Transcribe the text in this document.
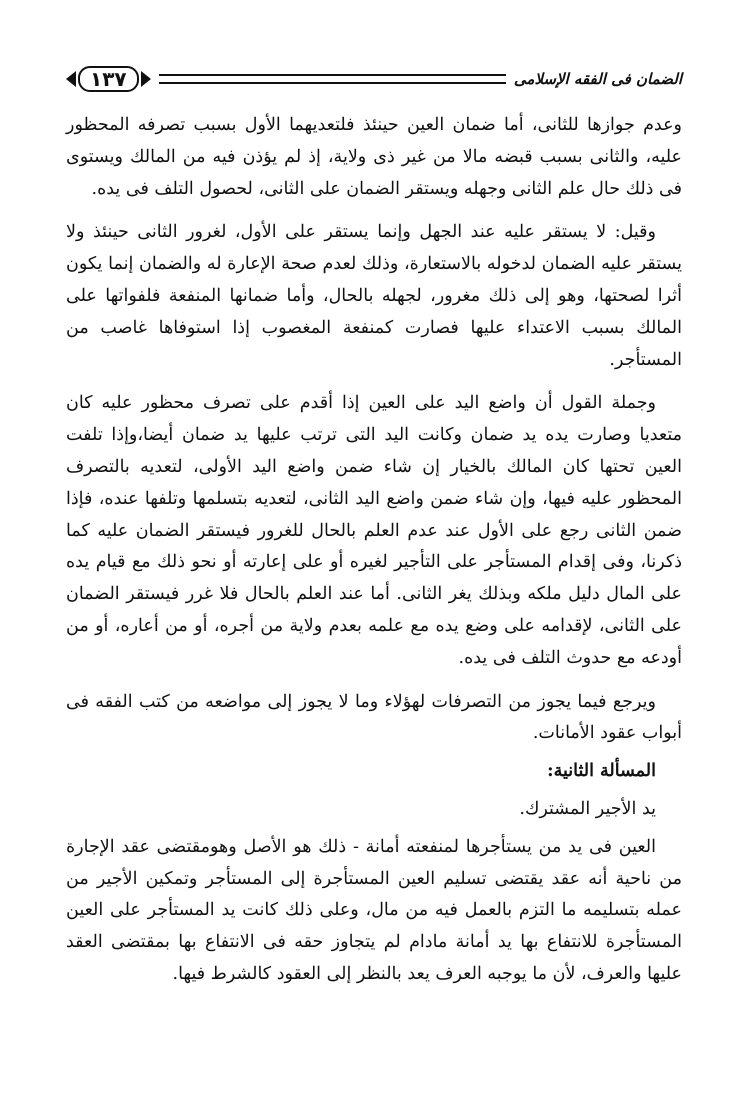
١٣٧	الضمان فى الفقه الإسلامى

وعدم جوازها للثانى، أما ضمان العين حينئذ فلتعديهما الأول بسبب تصرفه المحظور عليه، والثانى بسبب قبضه مالا من غير ذى ولاية، إذ لم يؤذن فيه من المالك ويستوى فى ذلك حال علم الثانى وجهله ويستقر الضمان على الثانى، لحصول التلف فى يده.

وقيل: لا يستقر عليه عند الجهل وإنما يستقر على الأول، لغرور الثانى حينئذ ولا يستقر عليه الضمان لدخوله بالاستعارة، وذلك لعدم صحة الإعارة له والضمان إنما يكون أثرا لصحتها، وهو إلى ذلك مغرور، لجهله بالحال، وأما ضمانها المنفعة فلفواتها على المالك بسبب الاعتداء عليها فصارت كمنفعة المغصوب إذا استوفاها غاصب من المستأجر.

وجملة القول أن واضع اليد على العين إذا أقدم على تصرف محظور عليه كان متعديا وصارت يده يد ضمان وكانت اليد التى ترتب عليها يد ضمان أيضا،وإذا تلفت العين تحتها كان المالك بالخيار إن شاء ضمن واضع اليد الأولى، لتعديه بالتصرف المحظور عليه فيها، وإن شاء ضمن واضع اليد الثانى، لتعديه بتسلمها وتلفها عنده، فإذا ضمن الثانى رجع على الأول عند عدم العلم بالحال للغرور فيستقر الضمان عليه كما ذكرنا، وفى إقدام المستأجر على التأجير لغيره أو على إعارته أو نحو ذلك مع قيام يده على المال دليل ملكه وبذلك يغر الثانى. أما عند العلم بالحال فلا غرر فيستقر الضمان على الثانى، لإقدامه على وضع يده مع علمه بعدم ولاية من أجره، أو من أعاره، أو من أودعه مع حدوث التلف فى يده.

ويرجع فيما يجوز من التصرفات لهؤلاء وما لا يجوز إلى مواضعه من كتب الفقه فى أبواب عقود الأمانات.

المسألة الثانية:

يد الأجير المشترك.

العين فى يد من يستأجرها لمنفعته أمانة - ذلك هو الأصل وهومقتضى عقد الإجارة من ناحية أنه عقد يقتضى تسليم العين المستأجرة إلى المستأجر وتمكين الأجير من عمله بتسليمه ما التزم بالعمل فيه من مال، وعلى ذلك كانت يد المستأجر على العين المستأجرة للانتفاع بها يد أمانة مادام لم يتجاوز حقه فى الانتفاع بها بمقتضى العقد عليها والعرف، لأن ما يوجبه العرف يعد بالنظر إلى العقود كالشرط فيها.
